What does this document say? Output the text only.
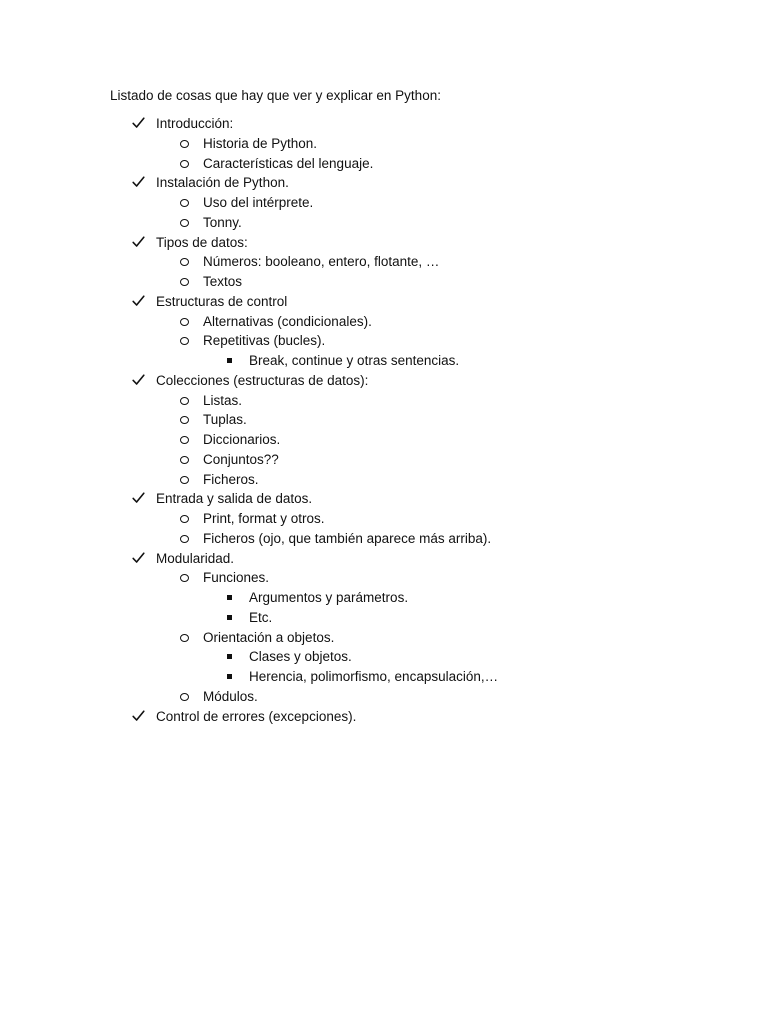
Listado de cosas que hay que ver y explicar en Python:
Introducción:
Historia de Python.
Características del lenguaje.
Instalación de Python.
Uso del intérprete.
Tonny.
Tipos de datos:
Números: booleano, entero, flotante, …
Textos
Estructuras de control
Alternativas (condicionales).
Repetitivas (bucles).
Break, continue y otras sentencias.
Colecciones (estructuras de datos):
Listas.
Tuplas.
Diccionarios.
Conjuntos??
Ficheros.
Entrada y salida de datos.
Print, format y otros.
Ficheros (ojo, que también aparece más arriba).
Modularidad.
Funciones.
Argumentos y parámetros.
Etc.
Orientación a objetos.
Clases y objetos.
Herencia, polimorfismo, encapsulación,…
Módulos.
Control de errores (excepciones).
